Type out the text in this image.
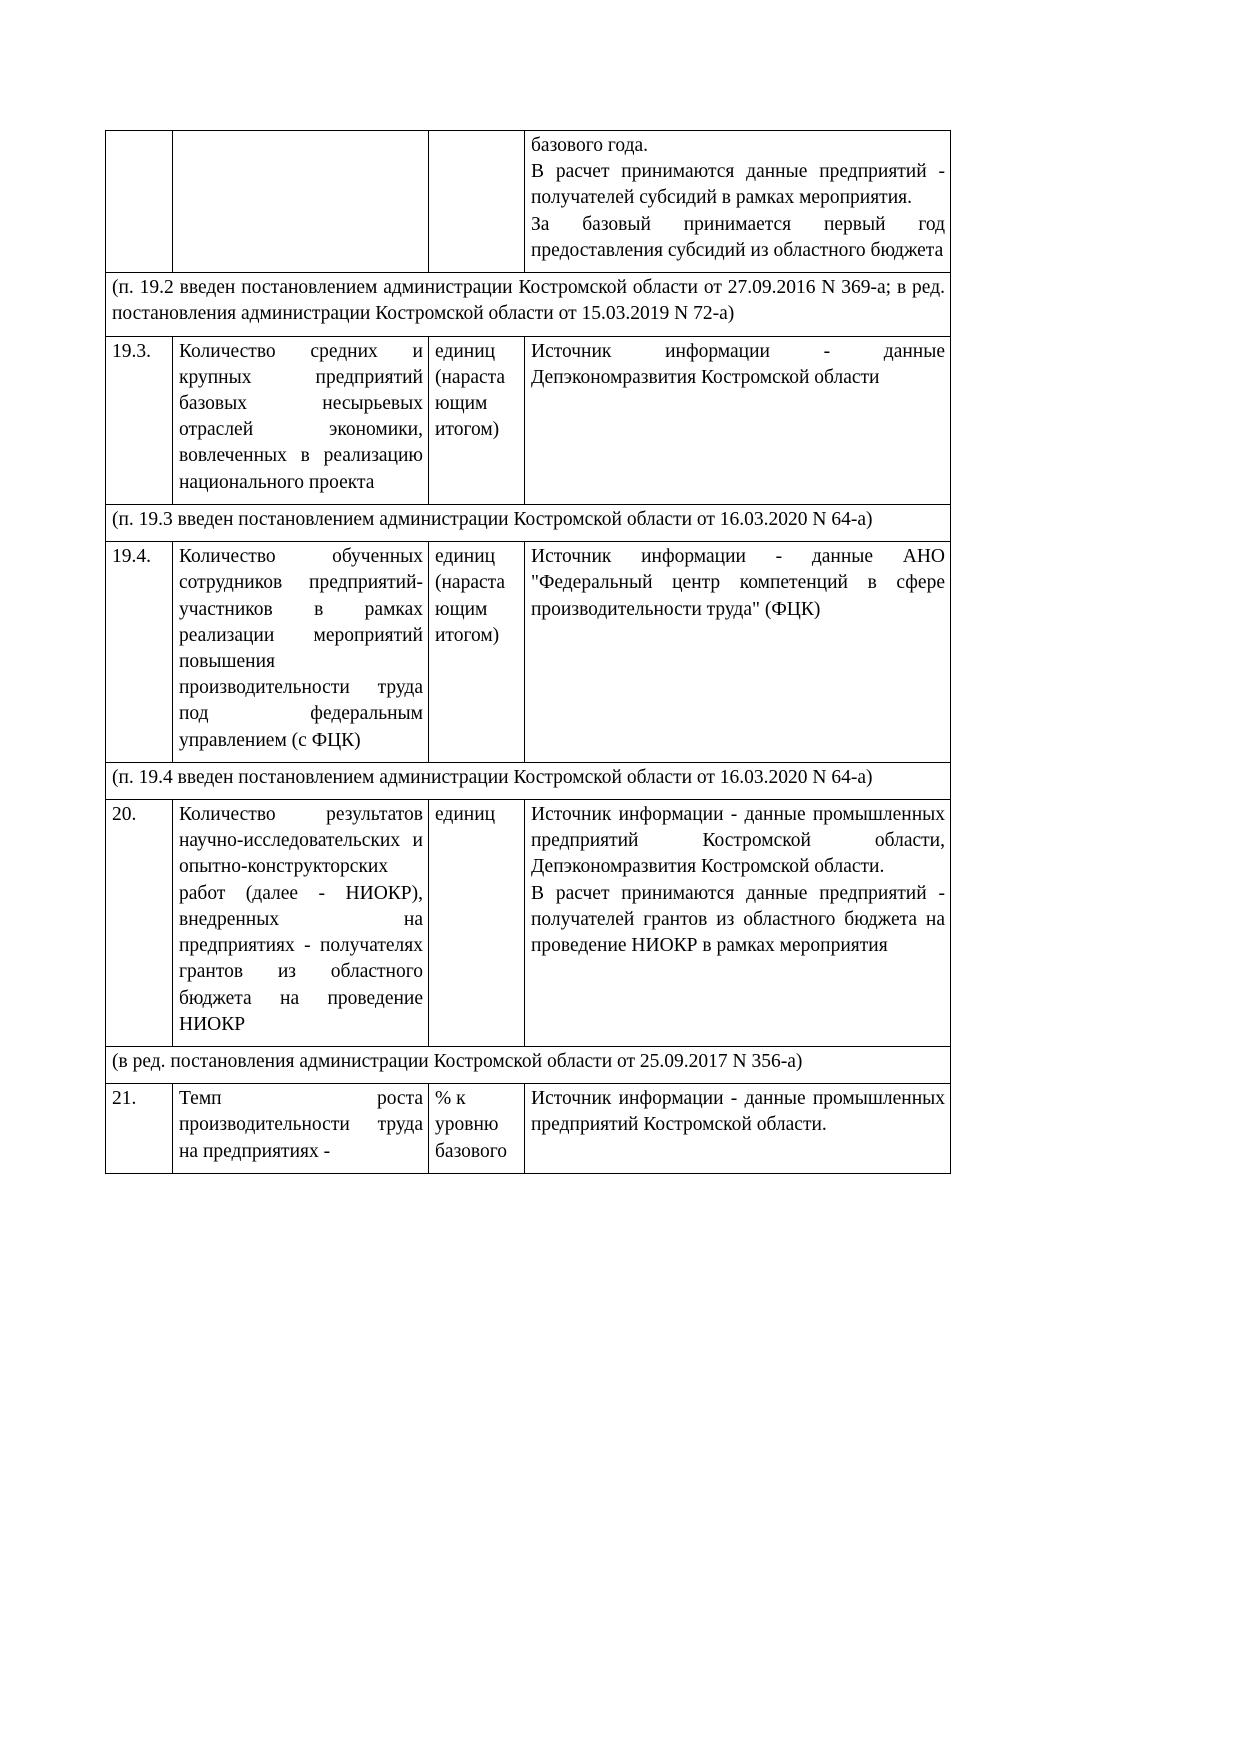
			базового года.
В расчет принимаются данные предприятий - получателей субсидий в рамках мероприятия.
За базовый принимается первый год предоставления субсидий из областного бюджета

(п. 19.2 введен постановлением администрации Костромской области от 27.09.2016 N 369-а; в ред. постановления администрации Костромской области от 15.03.2019 N 72-а)			
19.3.	Количество средних и крупных предприятий базовых несырьевых отраслей экономики, вовлеченных в реализацию национального проекта	единиц
(нараста
ющим
итогом)	Источник информации - данные Депэкономразвития Костромской области

(п. 19.3 введен постановлением администрации Костромской области от 16.03.2020 N 64-а)			
19.4.	Количество обученных сотрудников предприятий-участников в рамках реализации мероприятий повышения производительности труда под федеральным управлением (с ФЦК)	единиц
(нараста
ющим
итогом)	Источник информации - данные АНО "Федеральный центр компетенций в сфере производительности труда" (ФЦК)

(п. 19.4 введен постановлением администрации Костромской области от 16.03.2020 N 64-а)			
20.	Количество результатов научно-исследовательских и опытно-конструкторских работ (далее - НИОКР), внедренных на предприятиях - получателях грантов из областного бюджета на проведение НИОКР	единиц	Источник информации - данные промышленных предприятий Костромской области, Депэкономразвития Костромской области.
В расчет принимаются данные предприятий - получателей грантов из областного бюджета на проведение НИОКР в рамках мероприятия

(в ред. постановления администрации Костромской области от 25.09.2017 N 356-а)			
21.	Темп роста производительности труда на предприятиях -	% к
уровню
базового	Источник информации - данные промышленных предприятий Костромской области.
